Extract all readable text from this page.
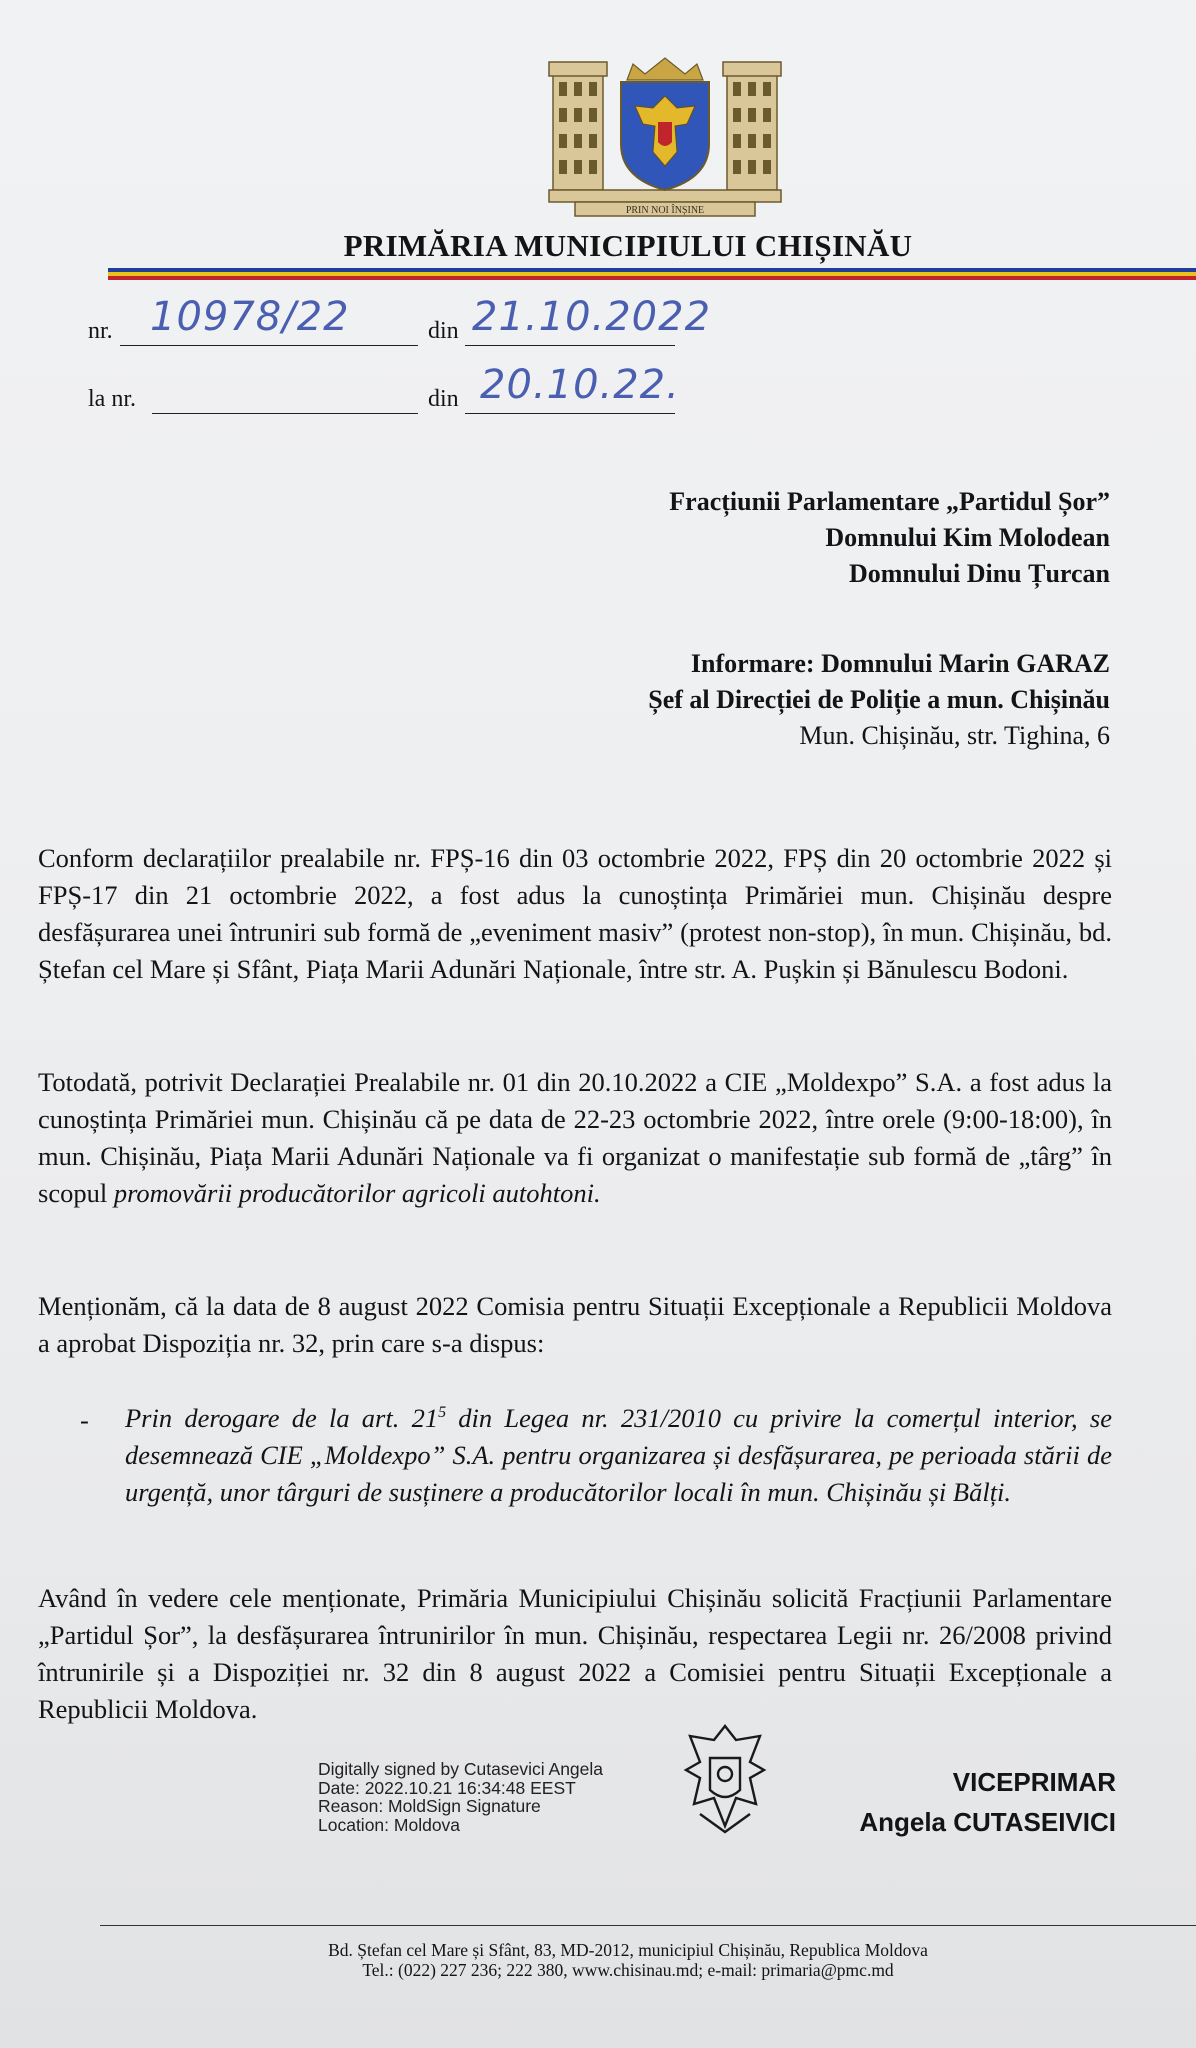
PRIN NOI ÎNȘINE
PRIMĂRIA MUNICIPIULUI CHIȘINĂU
nr. 10978/22	din 21.10.2022
la nr.	din 20.10.22.
Fracțiunii Parlamentare „Partidul Șor”
Domnului Kim Molodean
Domnului Dinu Țurcan
Informare: Domnului Marin GARAZ
Șef al Direcției de Poliție a mun. Chișinău
Mun. Chișinău, str. Tighina, 6
Conform declarațiilor prealabile nr. FPȘ-16 din 03 octombrie 2022, FPȘ din 20 octombrie 2022 și FPȘ-17 din 21 octombrie 2022, a fost adus la cunoștința Primăriei mun. Chișinău despre desfășurarea unei întruniri sub formă de „eveniment masiv” (protest non-stop), în mun. Chișinău, bd. Ștefan cel Mare și Sfânt, Piața Marii Adunări Naționale, între str. A. Pușkin și Bănulescu Bodoni.
Totodată, potrivit Declarației Prealabile nr. 01 din 20.10.2022 a CIE „Moldexpo” S.A. a fost adus la cunoștința Primăriei mun. Chișinău că pe data de 22-23 octombrie 2022, între orele (9:00-18:00), în mun. Chișinău, Piața Marii Adunări Naționale va fi organizat o manifestație sub formă de „târg” în scopul promovării producătorilor agricoli autohtoni.
Menționăm, că la data de 8 august 2022 Comisia pentru Situații Excepționale a Republicii Moldova a aprobat Dispoziția nr. 32, prin care s-a dispus:
- Prin derogare de la art. $21^5$ din Legea nr. 231/2010 cu privire la comerțul interior, se desemnează CIE „Moldexpo” S.A. pentru organizarea și desfășurarea, pe perioada stării de urgență, unor târguri de susținere a producătorilor locali în mun. Chișinău și Bălți.
Având în vedere cele menționate, Primăria Municipiului Chișinău solicită Fracțiunii Parlamentare „Partidul Șor”, la desfășurarea întrunirilor în mun. Chișinău, respectarea Legii nr. 26/2008 privind întrunirile și a Dispoziției nr. 32 din 8 august 2022 a Comisiei pentru Situații Excepționale a Republicii Moldova.
Digitally signed by Cutasevici Angela
Date: 2022.10.21 16:34:48 EEST
Reason: MoldSign Signature
Location: Moldova
VICEPRIMAR
Angela CUTASEIVICI
Bd. Ștefan cel Mare și Sfânt, 83, MD-2012, municipiul Chișinău, Republica Moldova
Tel.: (022) 227 236; 222 380, www.chisinau.md; e-mail: primaria@pmc.md
